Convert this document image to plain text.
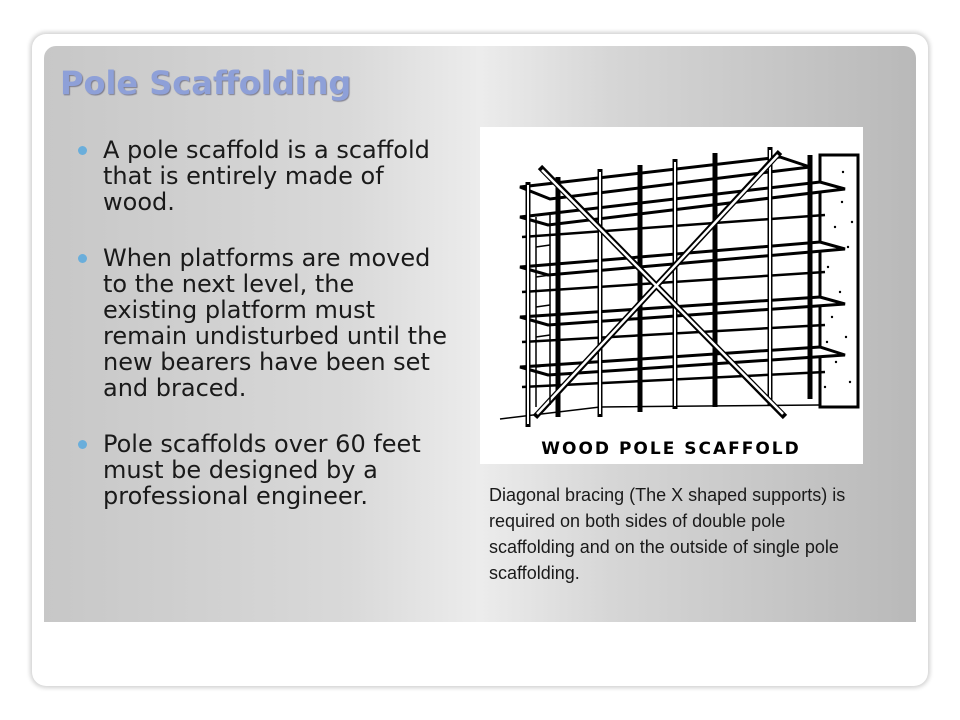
Pole Scaffolding
A pole scaffold is a scaffold that is entirely made of wood.
When platforms are moved to the next level, the existing platform must remain undisturbed until the new bearers have been set and braced.
Pole scaffolds over 60 feet must be designed by a professional engineer.
WOOD POLE SCAFFOLD

Diagonal bracing (The X shaped supports) is required on both sides of double pole scaffolding and on the outside of single pole scaffolding.
